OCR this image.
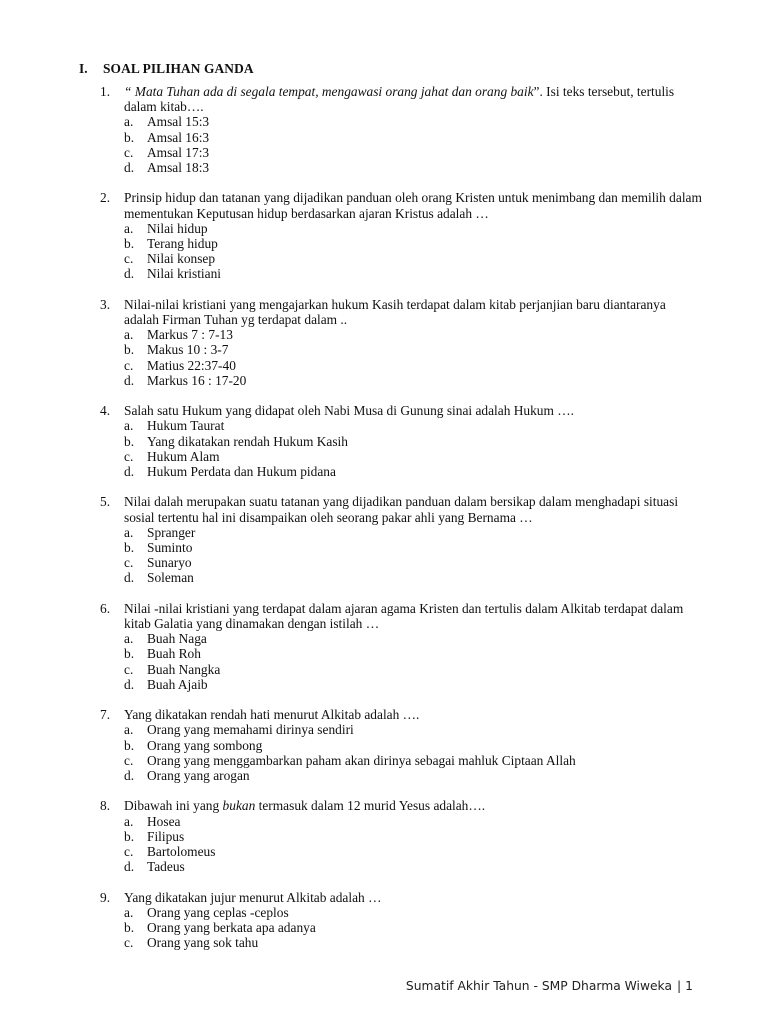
I. SOAL PILIHAN GANDA
1.	“ Mata Tuhan ada di segala tempat, mengawasi orang jahat dan orang baik”. Isi teks tersebut, tertulis dalam kitab….
a.	Amsal 15:3
b. Amsal 16:3
c.	Amsal 17:3
d. Amsal 18:3
2.	Prinsip hidup dan tatanan yang dijadikan panduan oleh orang Kristen untuk menimbang dan memilih dalam mementukan Keputusan hidup berdasarkan ajaran Kristus adalah …
a.	Nilai hidup
b. Terang hidup
c.	Nilai konsep
d. Nilai kristiani
3.	Nilai-nilai kristiani yang mengajarkan hukum Kasih terdapat dalam kitab perjanjian baru diantaranya adalah Firman Tuhan yg terdapat dalam ..
a.	Markus 7 : 7-13
b. Makus 10 : 3-7
c.	Matius 22:37-40
d. Markus 16 : 17-20
4.	Salah satu Hukum yang didapat oleh Nabi Musa di Gunung sinai adalah Hukum ….
a.	Hukum Taurat
b. Yang dikatakan rendah Hukum Kasih
c.	Hukum Alam
d. Hukum Perdata dan Hukum pidana
5.	Nilai dalah merupakan suatu tatanan yang dijadikan panduan dalam bersikap dalam menghadapi situasi sosial tertentu hal ini disampaikan oleh seorang pakar ahli yang Bernama …
a.	Spranger
b. Suminto
c.	Sunaryo
d. Soleman
6.	Nilai -nilai kristiani yang terdapat dalam ajaran agama Kristen dan tertulis dalam Alkitab terdapat dalam kitab Galatia yang dinamakan dengan istilah …
a.	Buah Naga
b. Buah Roh
c.	Buah Nangka
d. Buah Ajaib
7.	Yang dikatakan rendah hati menurut Alkitab adalah ….
a.	Orang yang memahami dirinya sendiri
b. Orang yang sombong
c.	Orang yang menggambarkan paham akan dirinya sebagai mahluk Ciptaan Allah
d. Orang yang arogan
8.	Dibawah ini yang bukan termasuk dalam 12 murid Yesus adalah….
a.	Hosea
b. Filipus
c.	Bartolomeus
d. Tadeus
9.	Yang dikatakan jujur menurut Alkitab adalah …
a.	Orang yang ceplas -ceplos
b. Orang yang berkata apa adanya
c.	Orang yang sok tahu
Sumatif Akhir Tahun - SMP Dharma Wiweka | 1
